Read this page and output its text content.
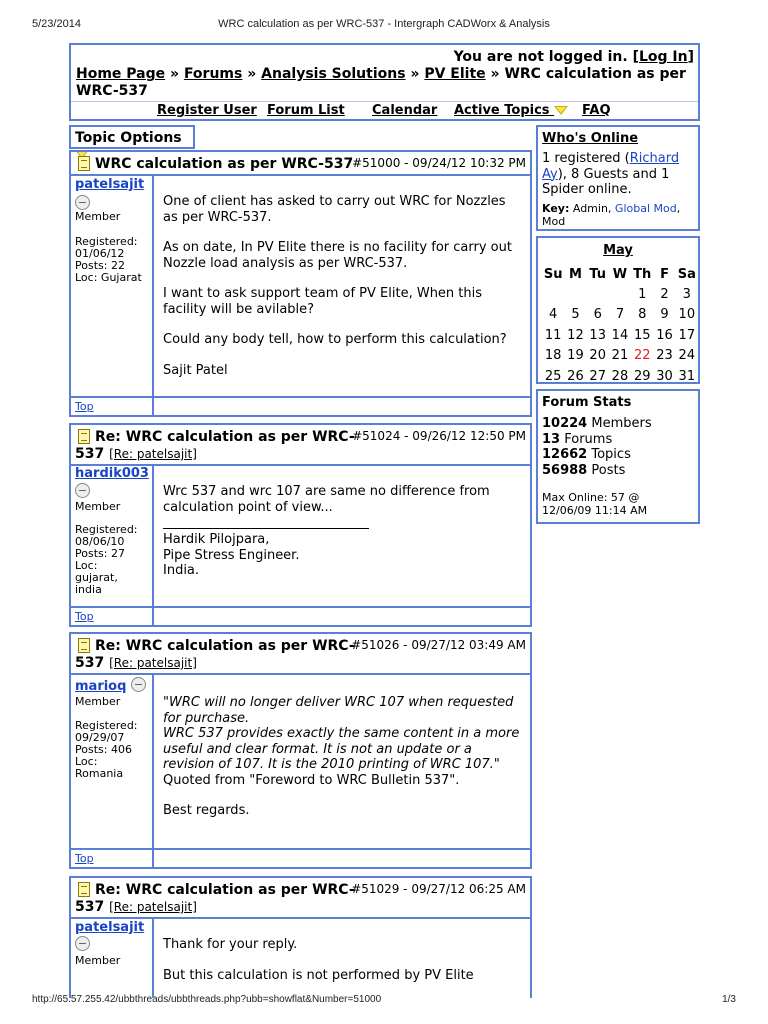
5/23/2014	WRC calculation as per WRC-537 - Intergraph CADWorx & Analysis
http://65.57.255.42/ubbthreads/ubbthreads.php?ubb=showflat&Number=51000	1/3
You are not logged in. [Log In]
Home Page » Forums » Analysis Solutions » PV Elite » WRC calculation as per WRC-537
Register User Forum List Calendar Active Topics	FAQ
Topic Options
WRC calculation as per WRC-537
#51000 - 09/24/12 10:32 PM
patelsajit
Member
Registered:
01/06/12
Posts: 22
Loc: Gujarat

One of client has asked to carry out WRC for Nozzles as per WRC-537.

As on date, In PV Elite there is no facility for carry out Nozzle load analysis as per WRC-537.

I want to ask support team of PV Elite, When this facility will be avilable?

Could any body tell, how to perform this calculation?

Sajit Patel

Top
Re: WRC calculation as per WRC-
537 [Re: patelsajit]
#51024 - 09/26/12 12:50 PM
hardik003
Member
Registered:
08/06/10
Posts: 27
Loc:
gujarat,
india

Wrc 537 and wrc 107 are same no difference from calculation point of view...

Hardik Pilojpara,
Pipe Stress Engineer.
India.
Top
Re: WRC calculation as per WRC-
537 [Re: patelsajit]
#51026 - 09/27/12 03:49 AM
marioq
Member
Registered:
09/29/07
Posts: 406
Loc:
Romania
"WRC will no longer deliver WRC 107 when requested for purchase.
WRC 537 provides exactly the same content in a more useful and clear format. It is not an update or a revision of 107. It is the 2010 printing of WRC 107."

Quoted from "Foreword to WRC Bulletin 537".

Best regards.

Top
Re: WRC calculation as per WRC-
537 [Re: patelsajit]
#51029 - 09/27/12 06:25 AM
patelsajit
Member

Thank for your reply.

But this calculation is not performed by PV Elite

Who's Online
1 registered (Richard Ay), 8 Guests and 1 Spider online.
Key: Admin, Global Mod, Mod
May
Su	M	Tu	W	Th	F	Sa
				1	2	3
4	5	6	7	8	9	10
11	12	13	14	15	16	17
18	19	20	21	22	23	24
25	26	27	28	29	30	31
Forum Stats
10224 Members
13 Forums
12662 Topics
56988 Posts
Max Online: 57 @
12/06/09 11:14 AM
